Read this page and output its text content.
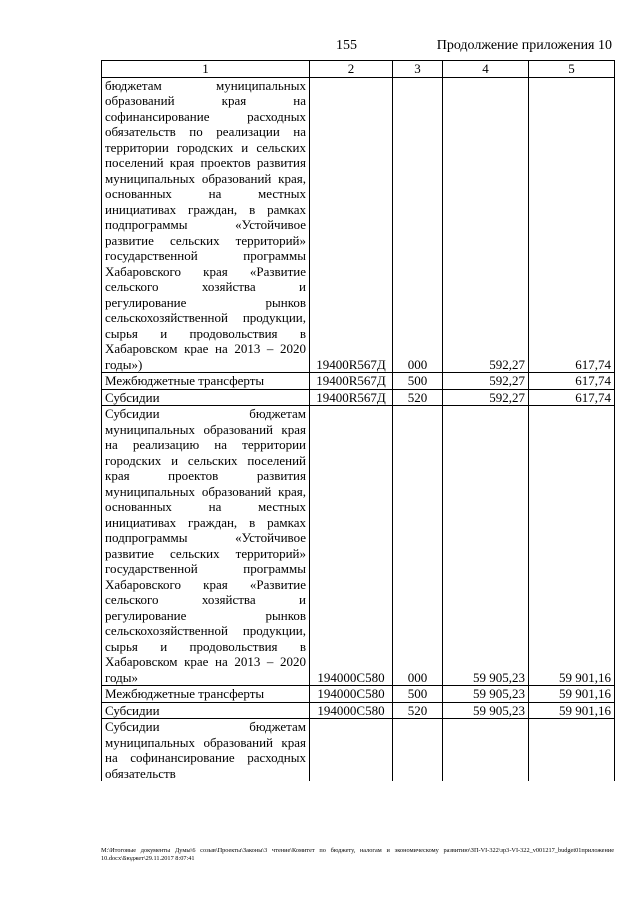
155	Продолжение приложения 10
1	2	3	4	5
бюджетам муниципальных образований края на софинансирование расходных обязательств по реализации на территории городских и сельских поселений края проектов развития муниципальных образований края, основанных на местных инициативах граждан, в рамках подпрограммы «Устойчивое развитие сельских территорий» государственной программы Хабаровского края «Развитие сельского хозяйства и регулирование рынков сельскохозяйственной продукции, сырья и продовольствия в Хабаровском крае на 2013 – 2020 годы»)	19400R567Д	000	592,27	617,74
Межбюджетные трансферты	19400R567Д	500	592,27	617,74
Субсидии	19400R567Д	520	592,27	617,74
Субсидии бюджетам муниципальных образований края на реализацию на территории городских и сельских поселений края проектов развития муниципальных образований края, основанных на местных инициативах граждан, в рамках подпрограммы «Устойчивое развитие сельских территорий» государственной программы Хабаровского края «Развитие сельского хозяйства и регулирование рынков сельскохозяйственной продукции, сырья и продовольствия в Хабаровском крае на 2013 – 2020 годы»	194000C580	000	59 905,23	59 901,16
Межбюджетные трансферты	194000C580	500	59 905,23	59 901,16
Субсидии	194000C580	520	59 905,23	59 901,16
Субсидии бюджетам муниципальных образований края на софинансирование расходных обязательств				
M:\Итоговые документы Думы\6 созыв\Проекты\Законы\3 чтение\Комитет по бюджету, налогам и экономическому развитию\ЗП-VI-322\зр3-VI-322_v001217_budget01приложение 10.docx\Бюджет\29.11.2017 8:07:41
